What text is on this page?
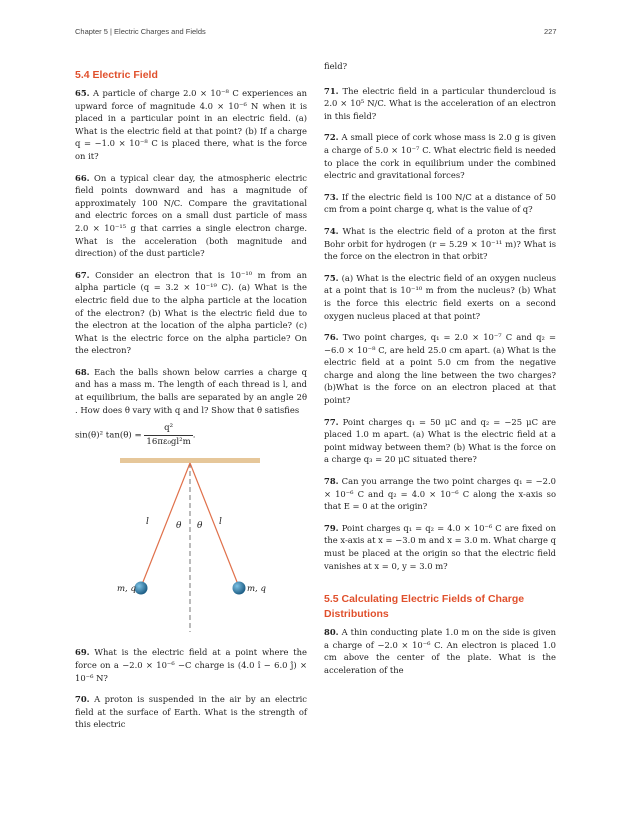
Chapter 5 | Electric Charges and Fields	227
5.4 Electric Field

65. A particle of charge 2.0 × 10⁻⁸ C experiences an upward force of magnitude 4.0 × 10⁻⁶ N when it is placed in a particular point in an electric field. (a) What is the electric field at that point? (b) If a charge q = −1.0 × 10⁻⁸ C is placed there, what is the force on it?

66. On a typical clear day, the atmospheric electric field points downward and has a magnitude of approximately 100 N/C. Compare the gravitational and electric forces on a small dust particle of mass 2.0 × 10⁻¹⁵ g that carries a single electron charge. What is the acceleration (both magnitude and direction) of the dust particle?

67. Consider an electron that is 10⁻¹⁰ m from an alpha particle (q = 3.2 × 10⁻¹⁹ C). (a) What is the electric field due to the alpha particle at the location of the electron? (b) What is the electric field due to the electron at the location of the alpha particle? (c) What is the electric force on the alpha particle? On the electron?

68. Each the balls shown below carries a charge q and has a mass m. The length of each thread is l, and at equilibrium, the balls are separated by an angle 2θ . How does θ vary with q and l? Show that θ satisfies

sin(θ)² $\tan(\theta) = \frac{\text{q²}}{\text{16πε₀gl²m}}$ .
l	θ θ l
m, q	m, q

69. What is the electric field at a point where the force on a −2.0 × 10⁻⁶ −C charge is (4.0 î − 6.0 ĵ) × 10⁻⁶ N?

70. A proton is suspended in the air by an electric field at the surface of Earth. What is the strength of this electric

field?

71. The electric field in a particular thundercloud is 2.0 × 10⁵ N/C. What is the acceleration of an electron in this field?

72. A small piece of cork whose mass is 2.0 g is given a charge of 5.0 × 10⁻⁷ C. What electric field is needed to place the cork in equilibrium under the combined electric and gravitational forces?

73. If the electric field is 100 N/C at a distance of 50 cm from a point charge q, what is the value of q?

74. What is the electric field of a proton at the first Bohr orbit for hydrogen (r = 5.29 × 10⁻¹¹ m)? What is the force on the electron in that orbit?

75. (a) What is the electric field of an oxygen nucleus at a point that is 10⁻¹⁰ m from the nucleus? (b) What is the force this electric field exerts on a second oxygen nucleus placed at that point?

76. Two point charges, q₁ = 2.0 × 10⁻⁷ C and q₂ = −6.0 × 10⁻⁸ C, are held 25.0 cm apart. (a) What is the electric field at a point 5.0 cm from the negative charge and along the line between the two charges? (b)What is the force on an electron placed at that point?

77. Point charges q₁ = 50 μC and q₂ = −25 μC are placed 1.0 m apart. (a) What is the electric field at a point midway between them? (b) What is the force on a charge q₃ = 20 μC situated there?

78. Can you arrange the two point charges q₁ = −2.0 × 10⁻⁶ C and q₂ = 4.0 × 10⁻⁶ C along the x-axis so that E = 0 at the origin?

79. Point charges q₁ = q₂ = 4.0 × 10⁻⁶ C are fixed on the x-axis at x = −3.0 m and x = 3.0 m. What charge q must be placed at the origin so that the electric field vanishes at x = 0, y = 3.0 m?

5.5 Calculating Electric Fields of Charge Distributions

80. A thin conducting plate 1.0 m on the side is given a charge of −2.0 × 10⁻⁶ C. An electron is placed 1.0 cm above the center of the plate. What is the acceleration of the
